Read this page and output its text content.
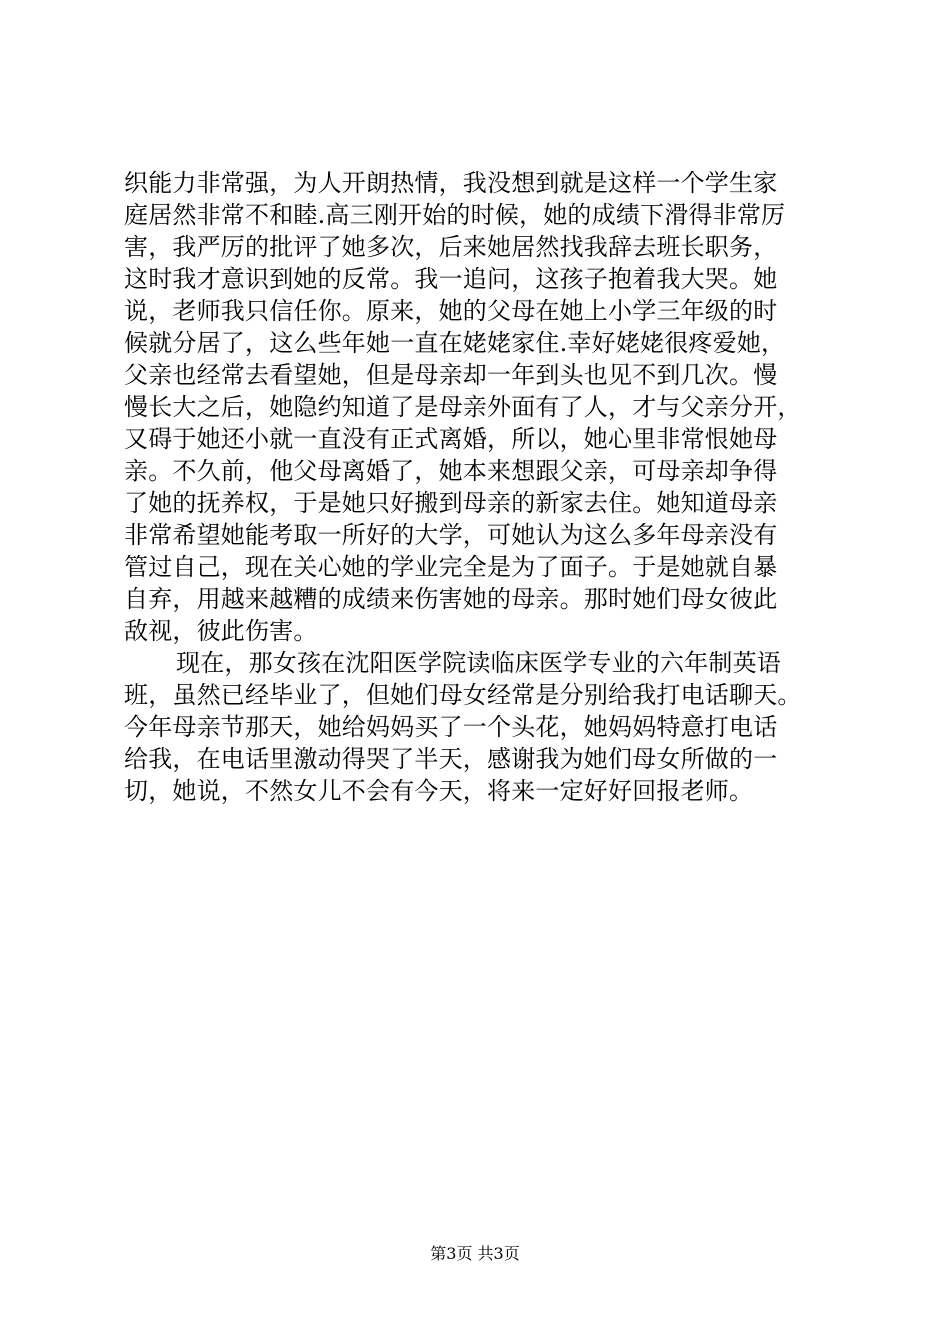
织能力非常强，为人开朗热情，我没想到就是这样一个学生家
庭居然非常不和睦.高三刚开始的时候，她的成绩下滑得非常厉
害，我严厉的批评了她多次，后来她居然找我辞去班长职务，
这时我才意识到她的反常。我一追问，这孩子抱着我大哭。她
说，老师我只信任你。原来，她的父母在她上小学三年级的时
候就分居了，这么些年她一直在姥姥家住.幸好姥姥很疼爱她，
父亲也经常去看望她，但是母亲却一年到头也见不到几次。慢
慢长大之后，她隐约知道了是母亲外面有了人，才与父亲分开，
又碍于她还小就一直没有正式离婚，所以，她心里非常恨她母
亲。不久前，他父母离婚了，她本来想跟父亲，可母亲却争得
了她的抚养权，于是她只好搬到母亲的新家去住。她知道母亲
非常希望她能考取一所好的大学，可她认为这么多年母亲没有
管过自己，现在关心她的学业完全是为了面子。于是她就自暴
自弃，用越来越糟的成绩来伤害她的母亲。那时她们母女彼此
敌视，彼此伤害。
现在，那女孩在沈阳医学院读临床医学专业的六年制英语
班，虽然已经毕业了，但她们母女经常是分别给我打电话聊天。
今年母亲节那天，她给妈妈买了一个头花，她妈妈特意打电话
给我，在电话里激动得哭了半天，感谢我为她们母女所做的一
切，她说，不然女儿不会有今天，将来一定好好回报老师。
第3页 共3页
